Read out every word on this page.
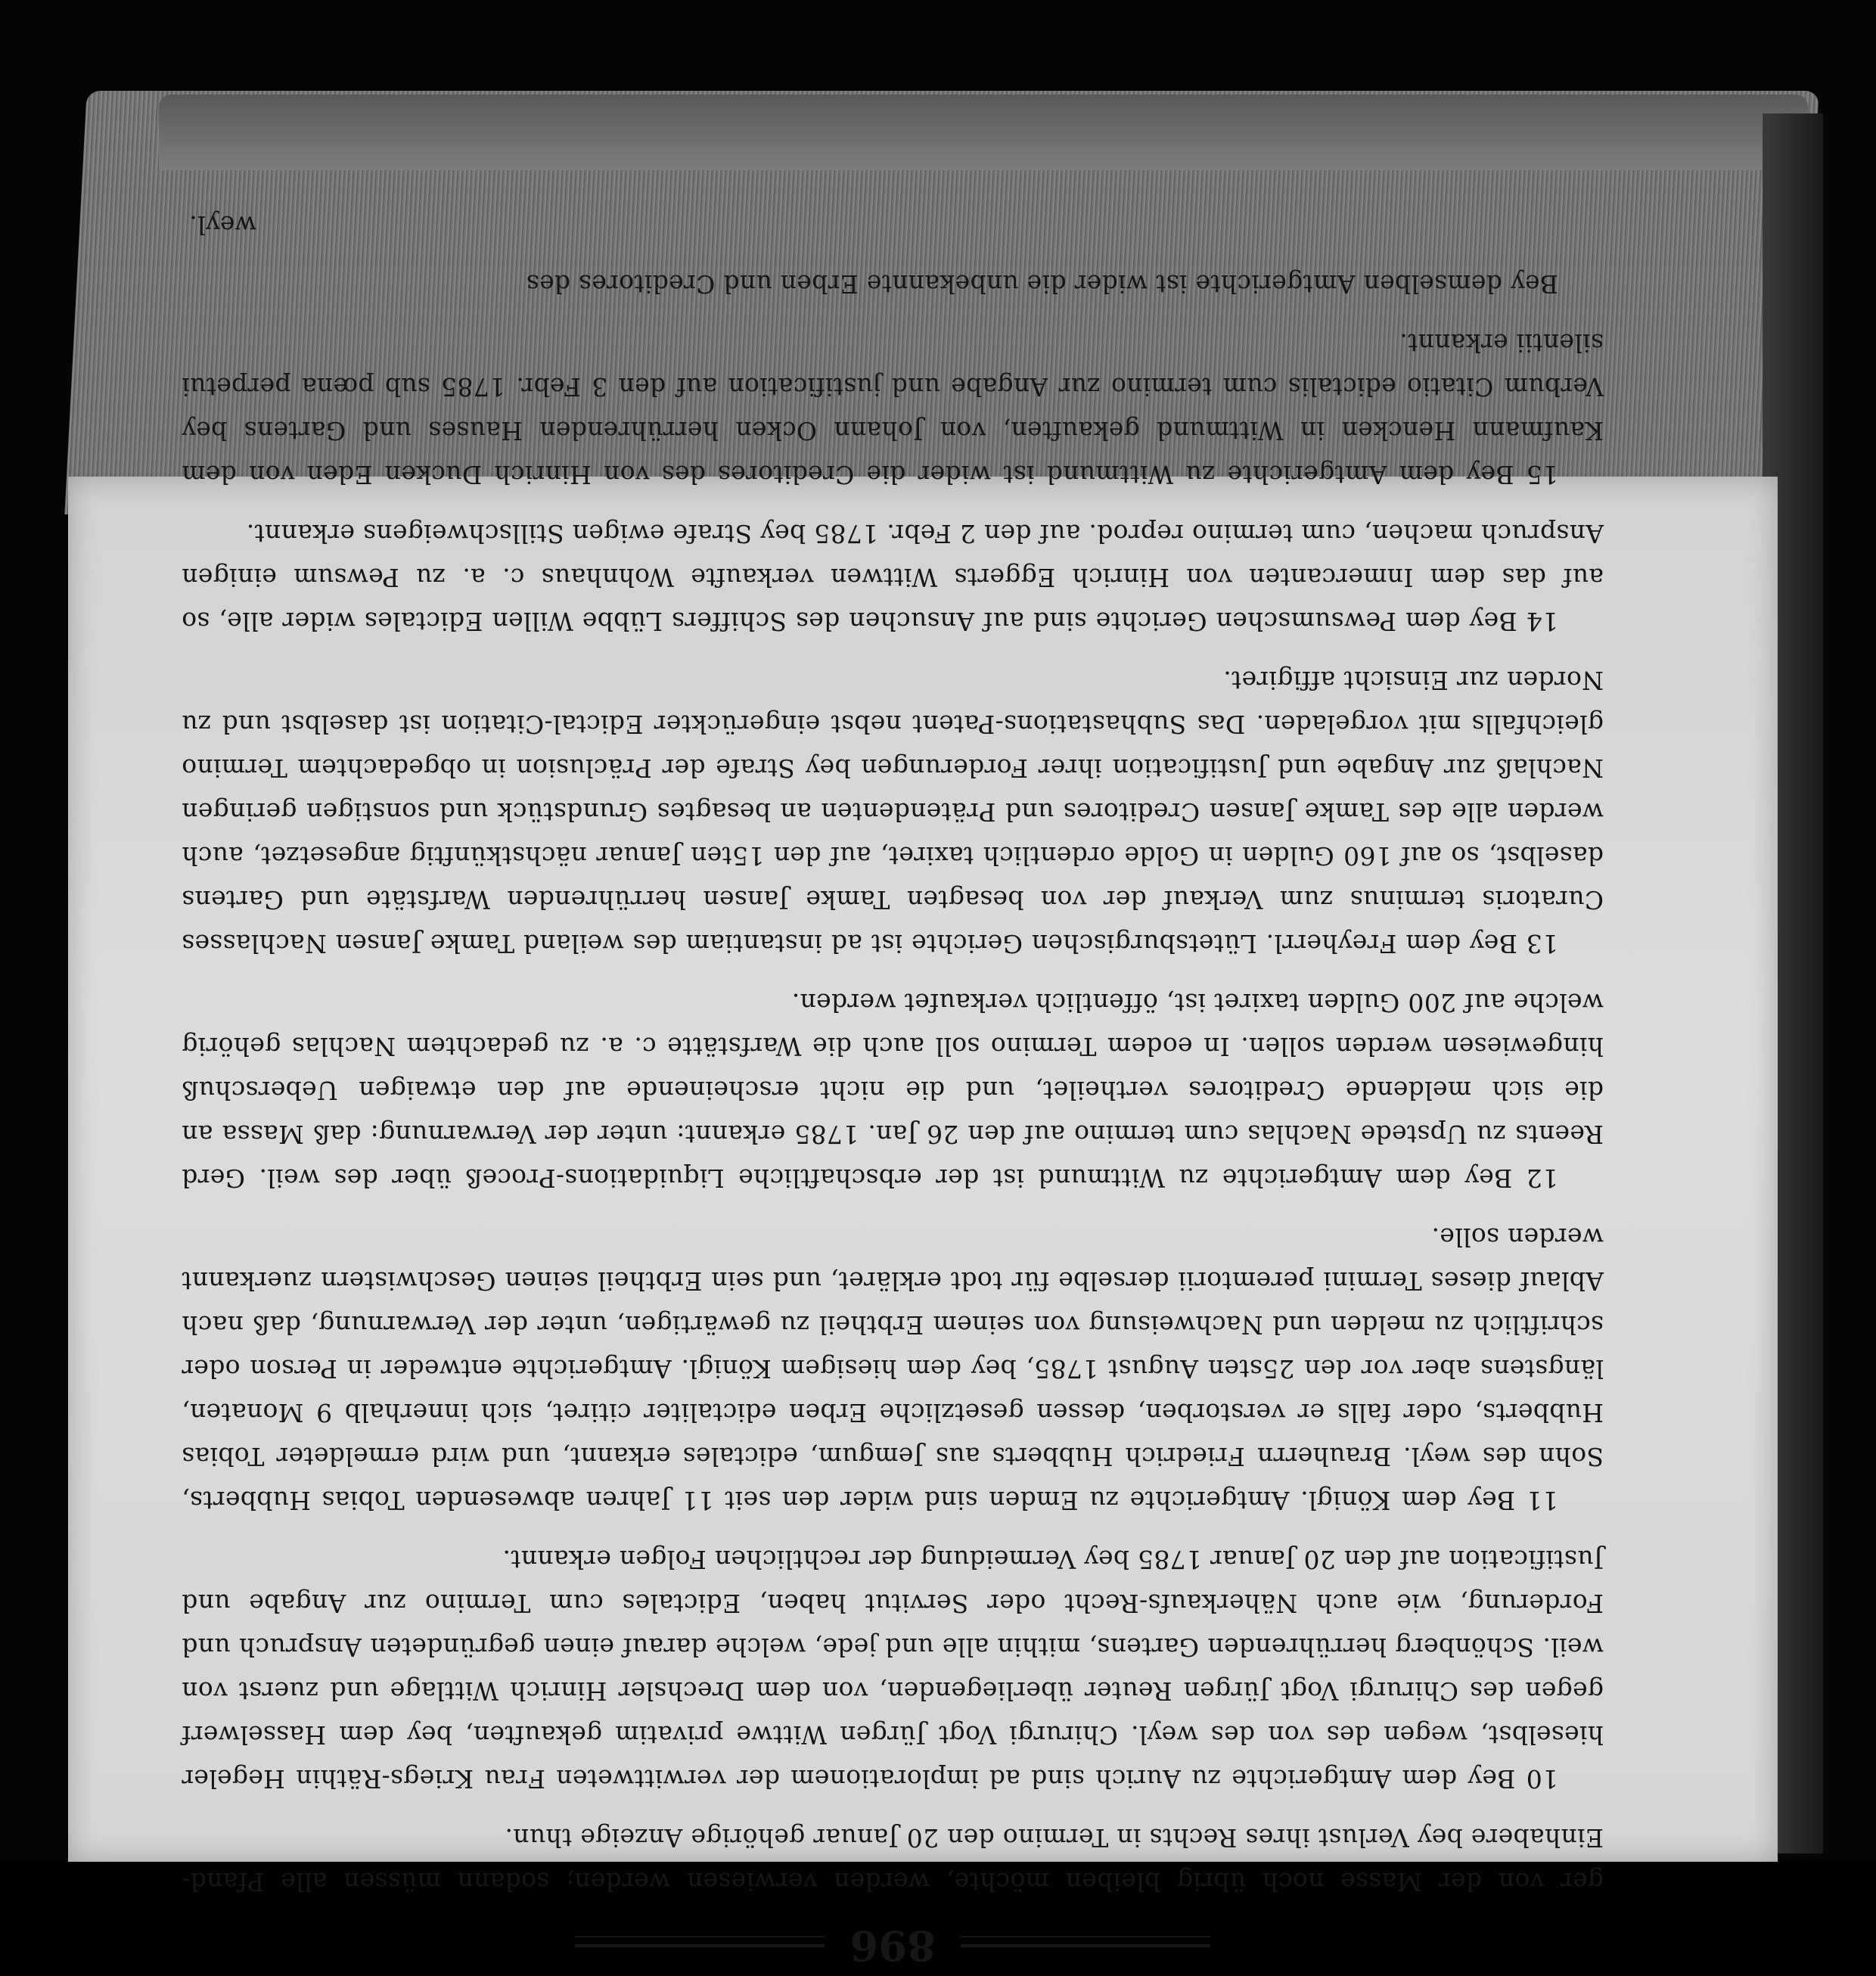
896

ger von der Masse noch übrig bleiben möchte, werden verwiesen werden; sodann müssen alle Pfand-Einhabere bey Verlust ihres Rechts in Termino den 20 Januar gehörige Anzeige thun.

10 Bey dem Amtgerichte zu Aurich sind ad implorationem der verwittweten Frau Kriegs-Räthin Hegeler hieselbst, wegen des von des weyl. Chirurgi Vogt Jürgen Wittwe privatim gekauften, bey dem Hasselwerf gegen des Chirurgi Vogt Jürgen Reuter überliegenden, von dem Drechsler Hinrich Wittlage und zuerst von weil. Schönberg herrührenden Gartens, mithin alle und jede, welche darauf einen gegründeten Anspruch und Forderung, wie auch Näherkaufs-Recht oder Servitut haben, Edictales cum Termino zur Angabe und Justification auf den 20 Januar 1785 bey Vermeidung der rechtlichen Folgen erkannt.

11 Bey dem Königl. Amtgerichte zu Emden sind wider den seit 11 Jahren abwesenden Tobias Hubberts, Sohn des weyl. Brauherrn Friedrich Hubberts aus Jemgum, edictales erkannt, und wird ermeldeter Tobias Hubberts, oder falls er verstorben, dessen gesetzliche Erben edictaliter citiret, sich innerhalb 9 Monaten, längstens aber vor den 25sten August 1785, bey dem hiesigem Königl. Amtgerichte entweder in Person oder schriftlich zu melden und Nachweisung von seinem Erbtheil zu gewärtigen, unter der Verwarnung, daß nach Ablauf dieses Termini peremtorii derselbe für todt erkläret, und sein Erbtheil seinen Geschwistern zuerkannt werden solle.

12 Bey dem Amtgerichte zu Wittmund ist der erbschaftliche Liquidations-Proceß über des weil. Gerd Reents zu Upstede Nachlas cum termino auf den 26 Jan. 1785 erkannt: unter der Verwarnung: daß Massa an die sich meldende Creditores vertheilet, und die nicht erscheinende auf den etwaigen Ueberschuß hingewiesen werden sollen. In eodem Termino soll auch die Warfstätte c. a. zu gedachtem Nachlas gehörig welche auf 200 Gulden taxiret ist, öffentlich verkaufet werden.

13 Bey dem Freyherrl. Lütetsburgischen Gerichte ist ad instantiam des weiland Tamke Jansen Nachlasses Curatoris terminus zum Verkauf der von besagten Tamke Jansen herrührenden Warfstäte und Gartens daselbst, so auf 160 Gulden in Golde ordentlich taxiret, auf den 15ten Januar nächstkünftig angesetzet, auch werden alle des Tamke Jansen Creditores und Prätendenten an besagtes Grundstück und sonstigen geringen Nachlaß zur Angabe und Justification ihrer Forderungen bey Strafe der Präclusion in obgedachtem Termino gleichfalls mit vorgeladen. Das Subhastations-Patent nebst eingerückter Edictal-Citation ist daselbst und zu Norden zur Einsicht affigiret.

14 Bey dem Pewsumschen Gerichte sind auf Ansuchen des Schiffers Lübbe Willen Edictales wider alle, so auf das dem Inmercanten von Hinrich Eggerts Wittwen verkaufte Wohnhaus c. a. zu Pewsum einigen Anspruch machen, cum termino reprod. auf den 2 Febr. 1785 bey Strafe ewigen Stillschweigens erkannt.

15 Bey dem Amtgerichte zu Wittmund ist wider die Creditores des von Hinrich Ducken Eden von dem Kaufmann Hencken in Wittmund gekauften, von Johann Ocken herrührenden Hauses und Gartens bey Verbum Citatio edictalis cum termino zur Angabe und justification auf den 3 Febr. 1785 sub pœna perpetui silentii erkannt.

Bey demselben Amtgerichte ist wider die unbekannte Erben und Creditores des

weyl.
